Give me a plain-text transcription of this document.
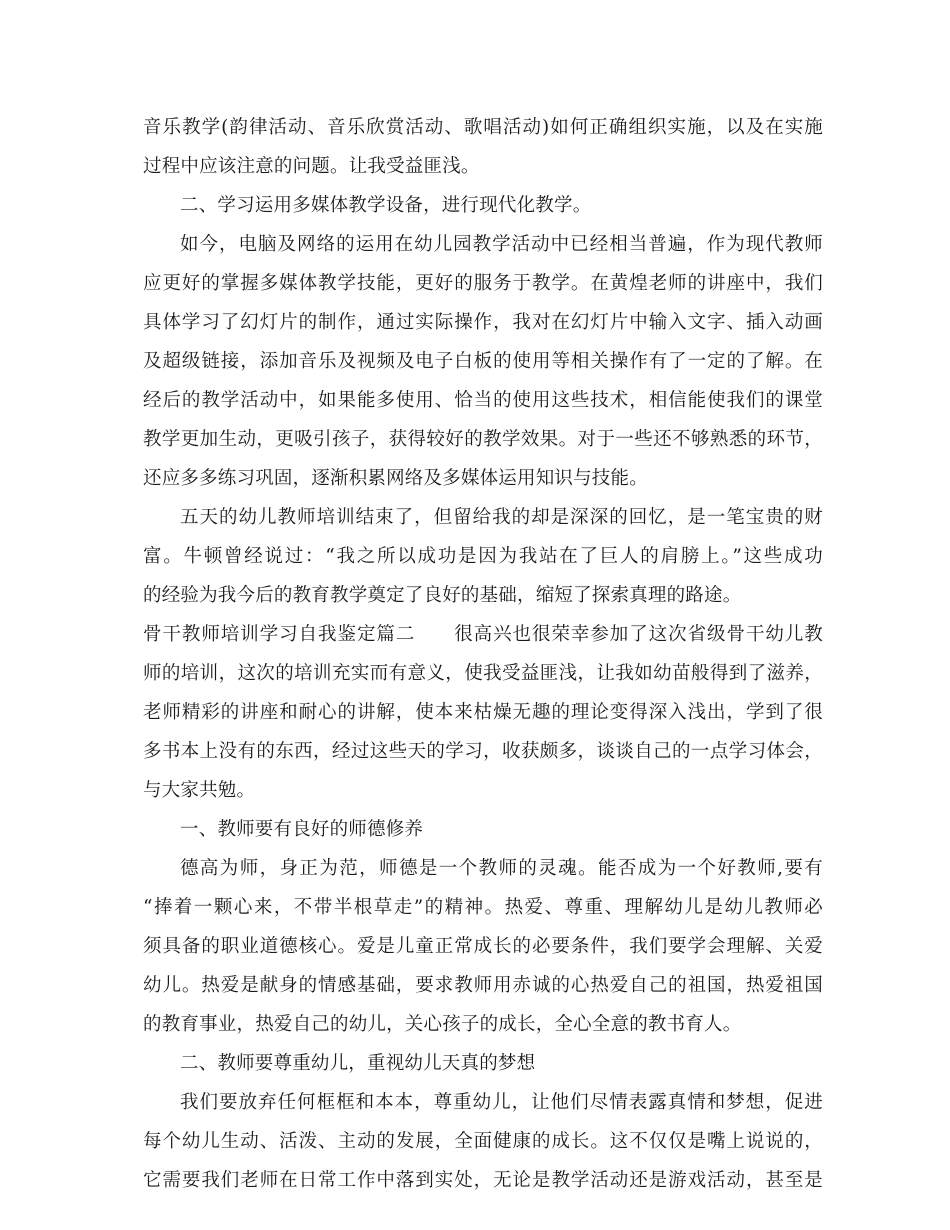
音乐教学(韵律活动、音乐欣赏活动、歌唱活动)如何正确组织实施，以及在实施
过程中应该注意的问题。让我受益匪浅。
二、学习运用多媒体教学设备，进行现代化教学。
如今，电脑及网络的运用在幼儿园教学活动中已经相当普遍，作为现代教师
应更好的掌握多媒体教学技能，更好的服务于教学。在黄煌老师的讲座中，我们
具体学习了幻灯片的制作，通过实际操作，我对在幻灯片中输入文字、插入动画
及超级链接，添加音乐及视频及电子白板的使用等相关操作有了一定的了解。在
经后的教学活动中，如果能多使用、恰当的使用这些技术，相信能使我们的课堂
教学更加生动，更吸引孩子，获得较好的教学效果。对于一些还不够熟悉的环节，
还应多多练习巩固，逐渐积累网络及多媒体运用知识与技能。
五天的幼儿教师培训结束了，但留给我的却是深深的回忆，是一笔宝贵的财
富。牛顿曾经说过：“我之所以成功是因为我站在了巨人的肩膀上。”这些成功
的经验为我今后的教育教学奠定了良好的基础，缩短了探索真理的路途。
骨干教师培训学习自我鉴定篇二　　很高兴也很荣幸参加了这次省级骨干幼儿教
师的培训，这次的培训充实而有意义，使我受益匪浅，让我如幼苗般得到了滋养，
老师精彩的讲座和耐心的讲解，使本来枯燥无趣的理论变得深入浅出，学到了很
多书本上没有的东西，经过这些天的学习，收获颇多，谈谈自己的一点学习体会，
与大家共勉。
一、教师要有良好的师德修养
德高为师，身正为范，师德是一个教师的灵魂。能否成为一个好教师,要有
“捧着一颗心来，不带半根草走”的精神。热爱、尊重、理解幼儿是幼儿教师必
须具备的职业道德核心。爱是儿童正常成长的必要条件，我们要学会理解、关爱
幼儿。热爱是献身的情感基础，要求教师用赤诚的心热爱自己的祖国，热爱祖国
的教育事业，热爱自己的幼儿，关心孩子的成长，全心全意的教书育人。
二、教师要尊重幼儿，重视幼儿天真的梦想
我们要放弃任何框框和本本，尊重幼儿，让他们尽情表露真情和梦想，促进
每个幼儿生动、活泼、主动的发展，全面健康的成长。这不仅仅是嘴上说说的，
它需要我们老师在日常工作中落到实处，无论是教学活动还是游戏活动，甚至是
